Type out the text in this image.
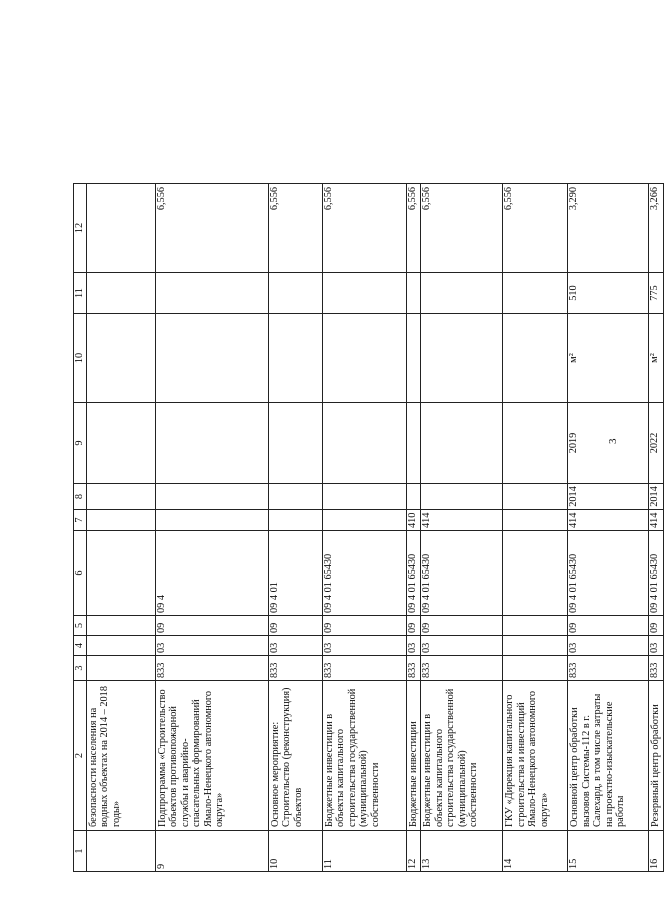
3
1	2	3	4	5	6	7	8	9	10	11	12
	безопасности населения на водных объектах на 2014 – 2018 годы»										
9	Подпрограмма «Строительство объектов противопожарной службы и аварийно-спасательных формирований Ямало-Ненецкого автономного округа»	833	03	09	09 4						6,556
10	Основное мероприятие: Строительство (реконструкция) объектов	833	03	09	09 4 01						6,556
11	Бюджетные инвестиции в объекты капитального строительства государственной (муниципальной) собственности	833	03	09	09 4 01 65430						6,556
12	Бюджетные инвестиции	833	03	09	09 4 01 65430	410					6,556
13	Бюджетные инвестиции в объекты капитального строительства государственной (муниципальной) собственности	833	03	09	09 4 01 65430	414					6,556
14	ГКУ «Дирекция капитального строительства и инвестиций Ямало-Ненецкого автономного округа»										6,556
15	Основной центр обработки вызовов Системы-112 в г. Салехард, в том числе затраты на проектно-изыскательские работы	833	03	09	09 4 01 65430	414	2014	2019	м²	510	3,290
16	Резервный центр обработки	833	03	09	09 4 01 65430	414	2014	2022	м²	775	3,266
